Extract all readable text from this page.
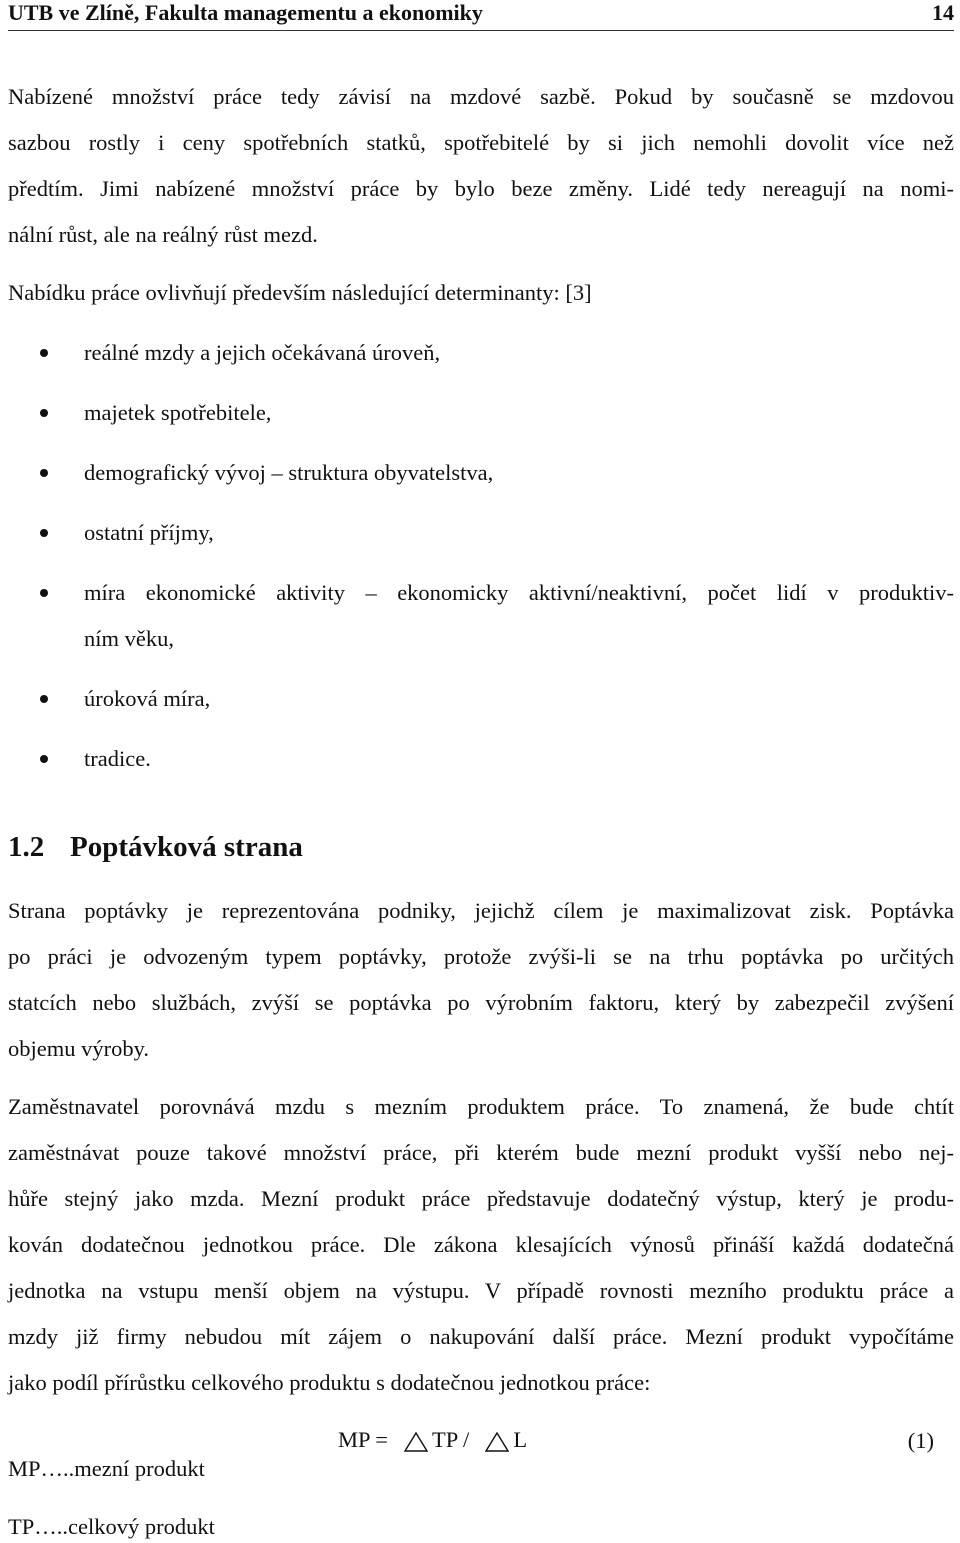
UTB ve Zlíně, Fakulta managementu a ekonomiky	14
Nabízené množství práce tedy závisí na mzdové sazbě. Pokud by současně se mzdovou
sazbou rostly i ceny spotřebních statků, spotřebitelé by si jich nemohli dovolit více než
předtím. Jimi nabízené množství práce by bylo beze změny. Lidé tedy nereagují na nomi-
nální růst, ale na reálný růst mezd.
Nabídku práce ovlivňují především následující determinanty: [3]
reálné mzdy a jejich očekávaná úroveň,
majetek spotřebitele,
demografický vývoj – struktura obyvatelstva,
ostatní příjmy,
míra ekonomické aktivity – ekonomicky aktivní/neaktivní, počet lidí v produktiv-
ním věku,
úroková míra,
tradice.
1.2 Poptávková strana
Strana poptávky je reprezentována podniky, jejichž cílem je maximalizovat zisk. Poptávka
po práci je odvozeným typem poptávky, protože zvýši-li se na trhu poptávka po určitých
statcích nebo službách, zvýší se poptávka po výrobním faktoru, který by zabezpečil zvýšení
objemu výroby.
Zaměstnavatel porovnává mzdu s mezním produktem práce. To znamená, že bude chtít
zaměstnávat pouze takové množství práce, při kterém bude mezní produkt vyšší nebo nej-
hůře stejný jako mzda. Mezní produkt práce představuje dodatečný výstup, který je produ-
kován dodatečnou jednotkou práce. Dle zákona klesajících výnosů přináší každá dodatečná
jednotka na vstupu menší objem na výstupu. V případě rovnosti mezního produktu práce a
mzdy již firmy nebudou mít zájem o nakupování další práce. Mezní produkt vypočítáme
jako podíl přírůstku celkového produktu s dodatečnou jednotkou práce:
MP = TP / L	(1)
MP…..mezní produkt
TP…..celkový produkt
